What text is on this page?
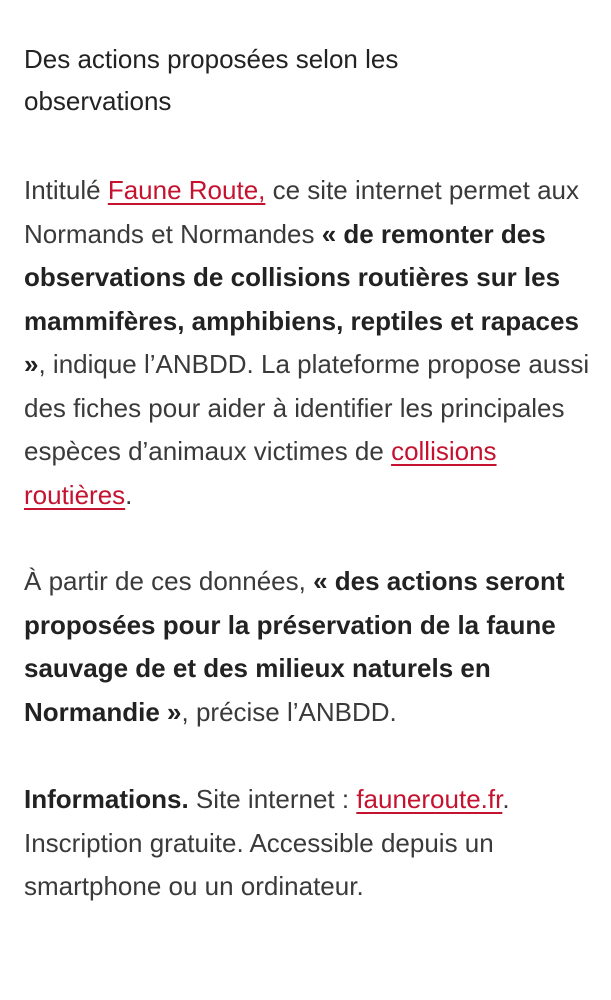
Des actions proposées selon les observations

Intitulé Faune Route, ce site internet permet aux Normands et Normandes « de remonter des observations de collisions routières sur les mammifères, amphibiens, reptiles et rapaces », indique l’ANBDD. La plateforme propose aussi des fiches pour aider à identifier les principales espèces d’animaux victimes de collisions routières.

À partir de ces données, « des actions seront proposées pour la préservation de la faune sauvage de et des milieux naturels en Normandie », précise l’ANBDD.

Informations. Site internet : fauneroute.fr. Inscription gratuite. Accessible depuis un smartphone ou un ordinateur.
